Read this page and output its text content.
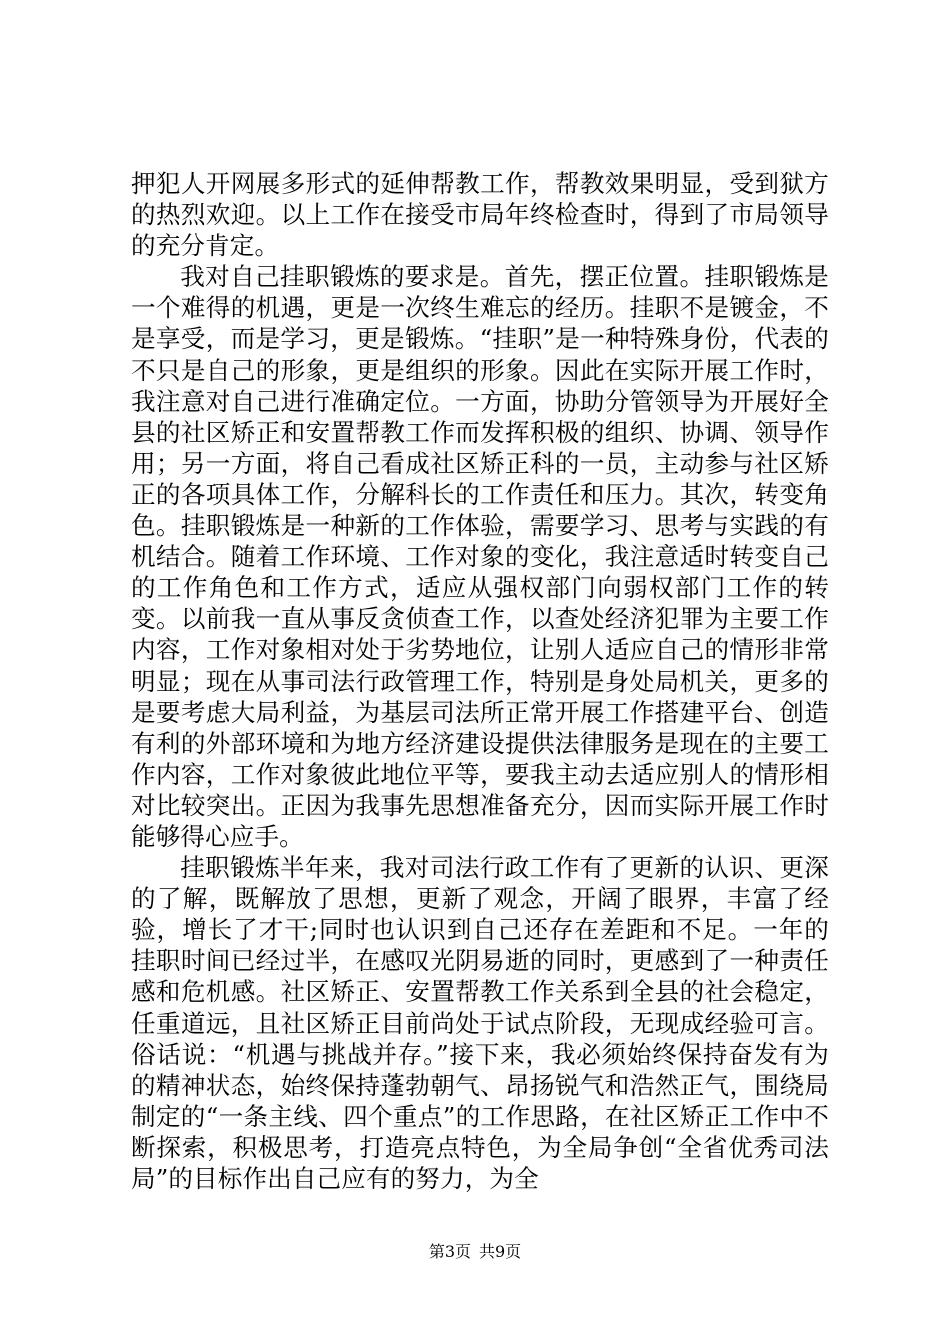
押犯人开网展多形式的延伸帮教工作，帮教效果明显，受到狱方的热烈欢迎。以上工作在接受市局年终检查时，得到了市局领导的充分肯定。

我对自己挂职锻炼的要求是。首先，摆正位置。挂职锻炼是一个难得的机遇，更是一次终生难忘的经历。挂职不是镀金，不是享受，而是学习，更是锻炼。“挂职”是一种特殊身份，代表的不只是自己的形象，更是组织的形象。因此在实际开展工作时，我注意对自己进行准确定位。一方面，协助分管领导为开展好全县的社区矫正和安置帮教工作而发挥积极的组织、协调、领导作用；另一方面，将自己看成社区矫正科的一员，主动参与社区矫正的各项具体工作，分解科长的工作责任和压力。其次，转变角色。挂职锻炼是一种新的工作体验，需要学习、思考与实践的有机结合。随着工作环境、工作对象的变化，我注意适时转变自己的工作角色和工作方式，适应从强权部门向弱权部门工作的转变。以前我一直从事反贪侦查工作，以查处经济犯罪为主要工作内容，工作对象相对处于劣势地位，让别人适应自己的情形非常明显；现在从事司法行政管理工作，特别是身处局机关，更多的是要考虑大局利益，为基层司法所正常开展工作搭建平台、创造有利的外部环境和为地方经济建设提供法律服务是现在的主要工作内容，工作对象彼此地位平等，要我主动去适应别人的情形相对比较突出。正因为我事先思想准备充分，因而实际开展工作时能够得心应手。

挂职锻炼半年来，我对司法行政工作有了更新的认识、更深的了解，既解放了思想，更新了观念，开阔了眼界，丰富了经验，增长了才干;同时也认识到自己还存在差距和不足。一年的挂职时间已经过半，在感叹光阴易逝的同时，更感到了一种责任感和危机感。社区矫正、安置帮教工作关系到全县的社会稳定，任重道远，且社区矫正目前尚处于试点阶段，无现成经验可言。俗话说：“机遇与挑战并存。”接下来，我必须始终保持奋发有为的精神状态，始终保持蓬勃朝气、昂扬锐气和浩然正气，围绕局制定的“一条主线、四个重点”的工作思路，在社区矫正工作中不断探索，积极思考，打造亮点特色，为全局争创“全省优秀司法局”的目标作出自己应有的努力，为全

第3页 共9页
